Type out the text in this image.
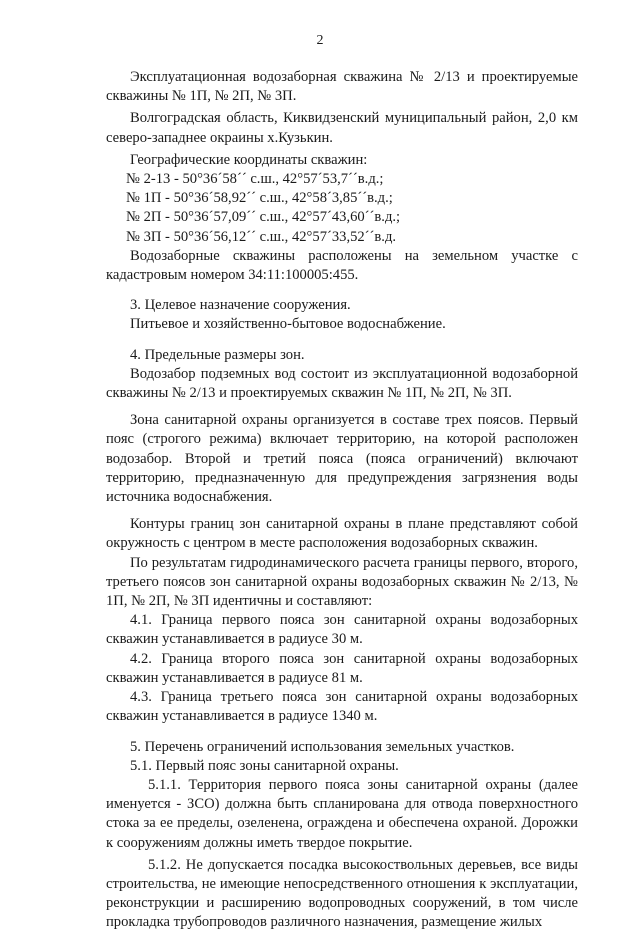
2

Эксплуатационная водозаборная скважина № 2/13 и проектируемые скважины № 1П, № 2П, № 3П.

Волгоградская область, Киквидзенский муниципальный район, 2,0 км северо-западнее окраины х.Кузькин.

Географические координаты скважин:

№ 2-13 - 50°36´58´´ с.ш., 42°57´53,7´´в.д.;

№ 1П - 50°36´58,92´´ с.ш., 42°58´3,85´´в.д.;

№ 2П - 50°36´57,09´´ с.ш., 42°57´43,60´´в.д.;

№ 3П - 50°36´56,12´´ с.ш., 42°57´33,52´´в.д.

Водозаборные скважины расположены на земельном участке с кадастровым номером 34:11:100005:455.

3. Целевое назначение сооружения.

Питьевое и хозяйственно-бытовое водоснабжение.

4. Предельные размеры зон.

Водозабор подземных вод состоит из эксплуатационной водозаборной скважины № 2/13 и проектируемых скважин № 1П, № 2П, № 3П.

Зона санитарной охраны организуется в составе трех поясов. Первый пояс (строгого режима) включает территорию, на которой расположен водозабор. Второй и третий пояса (пояса ограничений) включают территорию, предназначенную для предупреждения загрязнения воды источника водоснабжения.

Контуры границ зон санитарной охраны в плане представляют собой окружность с центром в месте расположения водозаборных скважин.

По результатам гидродинамического расчета границы первого, второго, третьего поясов зон санитарной охраны водозаборных скважин № 2/13, № 1П, № 2П, № 3П идентичны и составляют:

4.1. Граница первого пояса зон санитарной охраны водозаборных скважин устанавливается в радиусе 30 м.

4.2. Граница второго пояса зон санитарной охраны водозаборных скважин устанавливается в радиусе 81 м.

4.3. Граница третьего пояса зон санитарной охраны водозаборных скважин устанавливается в радиусе 1340 м.

5. Перечень ограничений использования земельных участков.

5.1. Первый пояс зоны санитарной охраны.

5.1.1. Территория первого пояса зоны санитарной охраны (далее именуется - ЗСО) должна быть спланирована для отвода поверхностного стока за ее пределы, озеленена, ограждена и обеспечена охраной. Дорожки к сооружениям должны иметь твердое покрытие.

5.1.2. Не допускается посадка высокоствольных деревьев, все виды строительства, не имеющие непосредственного отношения к эксплуатации, реконструкции и расширению водопроводных сооружений, в том числе прокладка трубопроводов различного назначения, размещение жилых
